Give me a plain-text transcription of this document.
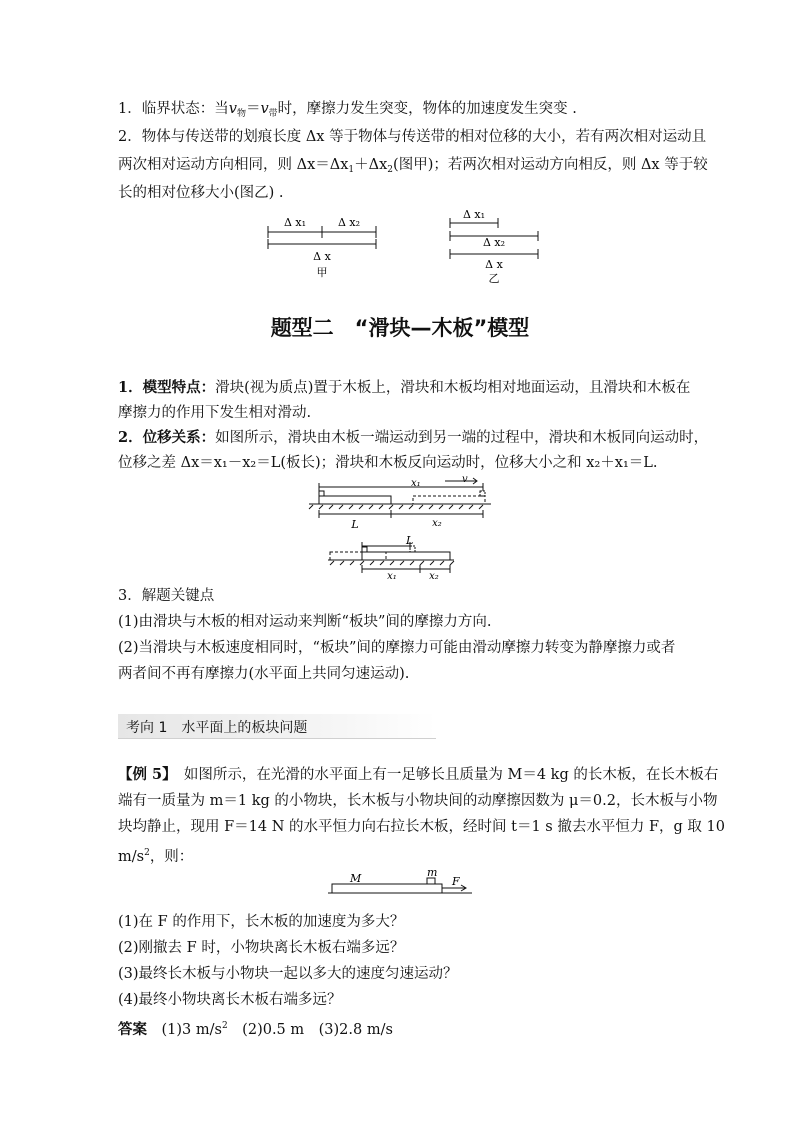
1．临界状态：当$v_物=v_带$时，摩擦力发生突变，物体的加速度发生突变 .
2．物体与传送带的划痕长度 Δx 等于物体与传送带的相对位移的大小，若有两次相对运动且
两次相对运动方向相同，则 $\Delta x=\Delta x_1+\Delta x_2$(图甲)；若两次相对运动方向相反，则 Δx 等于较
长的相对位移大小(图乙) .
Δ x₁	Δ x₂
Δ x
甲
Δ x₁
Δ x₂
Δ x
乙
题型二　“滑块—木板”模型
1．模型特点：滑块(视为质点)置于木板上，滑块和木板均相对地面运动，且滑块和木板在
摩擦力的作用下发生相对滑动.
2．位移关系：如图所示，滑块由木板一端运动到另一端的过程中，滑块和木板同向运动时，
位移之差 Δx＝x₁－x₂＝L(板长)；滑块和木板反向运动时，位移大小之和 x₂＋x₁＝L.
x₁	v
L	x₂
L
x₁	x₂
3．解题关键点
(1)由滑块与木板的相对运动来判断“板块”间的摩擦力方向.
(2)当滑块与木板速度相同时，“板块”间的摩擦力可能由滑动摩擦力转变为静摩擦力或者
两者间不再有摩擦力(水平面上共同匀速运动).
考向 1　水平面上的板块问题
【例 5】　如图所示，在光滑的水平面上有一足够长且质量为 M＝4 kg 的长木板，在长木板右
端有一质量为 m＝1 kg 的小物块，长木板与小物块间的动摩擦因数为 μ＝0.2，长木板与小物
块均静止，现用 F＝14 N 的水平恒力向右拉长木板，经时间 t＝1 s 撤去水平恒力 F，g 取 10
$m/s^2$，则：
M	m
F
(1)在 F 的作用下，长木板的加速度为多大？
(2)刚撤去 F 时，小物块离长木板右端多远？
(3)最终长木板与小物块一起以多大的速度匀速运动？
(4)最终小物块离长木板右端多远？
答案　(1)3 $m/s^2$　(2)0.5 m　(3)2.8 m/s
